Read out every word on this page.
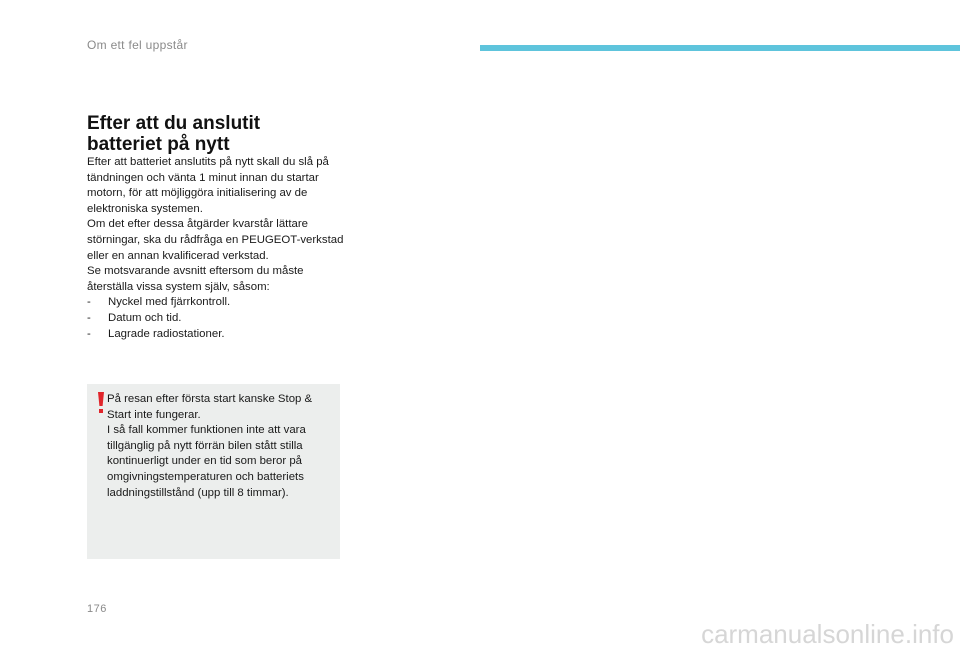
Om ett fel uppstår
Efter att du anslutit
batteriet på nytt

Efter att batteriet anslutits på nytt skall du slå på tändningen och vänta 1 minut innan du startar motorn, för att möjliggöra initialisering av de elektroniska systemen.

Om det efter dessa åtgärder kvarstår lättare störningar, ska du rådfråga en PEUGEOT-verkstad eller en annan kvalificerad verkstad.

Se motsvarande avsnitt eftersom du måste återställa vissa system själv, såsom:

- Nyckel med fjärrkontroll.
- Datum och tid.
- Lagrade radiostationer.

På resan efter första start kanske Stop & Start inte fungerar.

I så fall kommer funktionen inte att vara tillgänglig på nytt förrän bilen stått stilla kontinuerligt under en tid som beror på omgivningstemperaturen och batteriets laddningstillstånd (upp till 8 timmar).

176
carmanualsonline.info
